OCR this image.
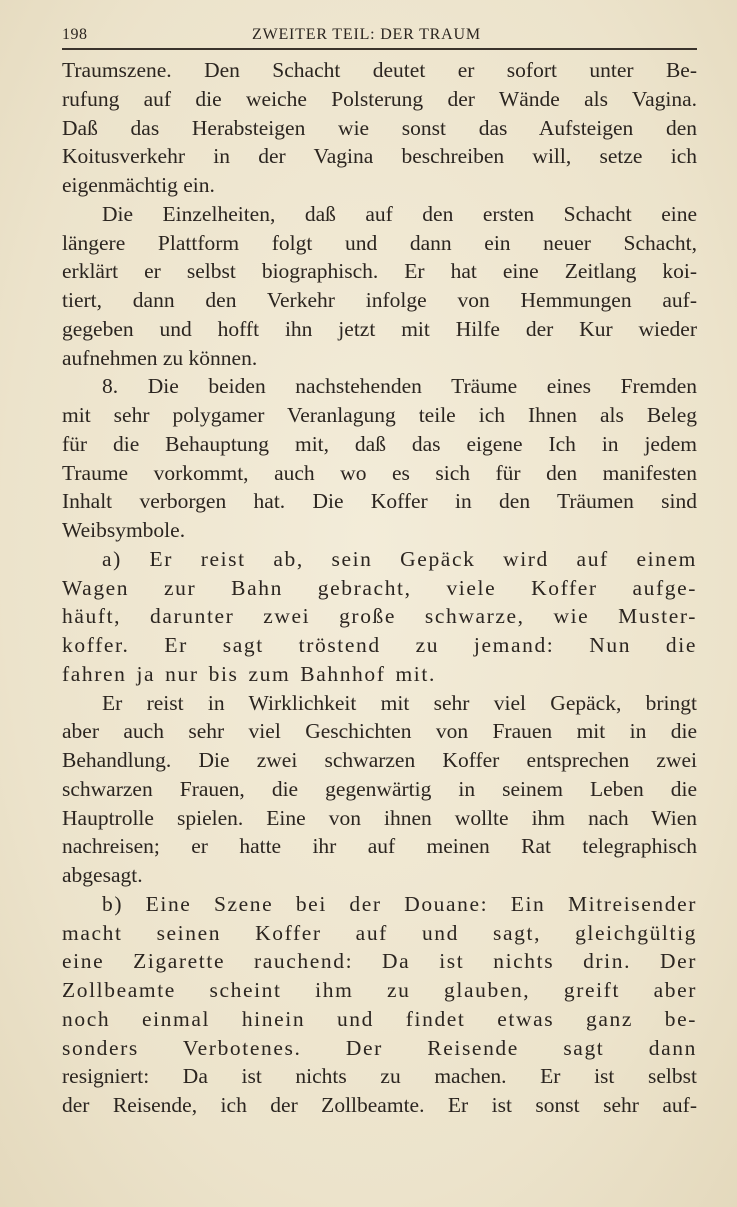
198	ZWEITER TEIL: DER TRAUM
Traumszene. Den Schacht deutet er sofort unter Be-
rufung auf die weiche Polsterung der Wände als Vagina.
Daß das Herabsteigen wie sonst das Aufsteigen den
Koitusverkehr in der Vagina beschreiben will, setze ich
eigenmächtig ein.
Die Einzelheiten, daß auf den ersten Schacht eine
längere Plattform folgt und dann ein neuer Schacht,
erklärt er selbst biographisch. Er hat eine Zeitlang koi-
tiert, dann den Verkehr infolge von Hemmungen auf-
gegeben und hofft ihn jetzt mit Hilfe der Kur wieder
aufnehmen zu können.
8. Die beiden nachstehenden Träume eines Fremden
mit sehr polygamer Veranlagung teile ich Ihnen als Beleg
für die Behauptung mit, daß das eigene Ich in jedem
Traume vorkommt, auch wo es sich für den manifesten
Inhalt verborgen hat. Die Koffer in den Träumen sind
Weibsymbole.
a) Er reist ab, sein Gepäck wird auf einem
Wagen zur Bahn gebracht, viele Koffer aufge-
häuft, darunter zwei große schwarze, wie Muster-
koffer. Er sagt tröstend zu jemand: Nun die
fahren ja nur bis zum Bahnhof mit.
Er reist in Wirklichkeit mit sehr viel Gepäck, bringt
aber auch sehr viel Geschichten von Frauen mit in die
Behandlung. Die zwei schwarzen Koffer entsprechen zwei
schwarzen Frauen, die gegenwärtig in seinem Leben die
Hauptrolle spielen. Eine von ihnen wollte ihm nach Wien
nachreisen; er hatte ihr auf meinen Rat telegraphisch
abgesagt.
b) Eine Szene bei der Douane: Ein Mitreisender
macht seinen Koffer auf und sagt, gleichgültig
eine Zigarette rauchend: Da ist nichts drin. Der
Zollbeamte scheint ihm zu glauben, greift aber
noch einmal hinein und findet etwas ganz be-
sonders Verbotenes. Der Reisende sagt dann
resigniert: Da ist nichts zu machen. Er ist selbst
der Reisende, ich der Zollbeamte. Er ist sonst sehr auf-
